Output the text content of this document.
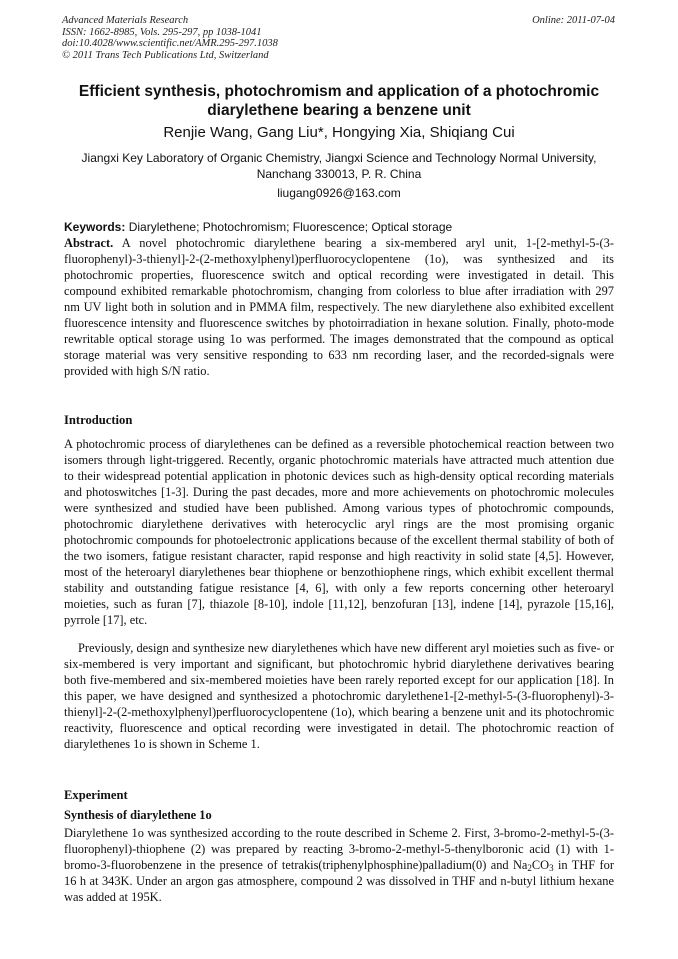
Advanced Materials Research
ISSN: 1662-8985, Vols. 295-297, pp 1038-1041
doi:10.4028/www.scientific.net/AMR.295-297.1038
© 2011 Trans Tech Publications Ltd, Switzerland
Online: 2011-07-04
Efficient synthesis, photochromism and application of a photochromic
diarylethene bearing a benzene unit
Renjie Wang, Gang Liu*, Hongying Xia, Shiqiang Cui
Jiangxi Key Laboratory of Organic Chemistry, Jiangxi Science and Technology Normal University,
Nanchang 330013, P. R. China
liugang0926@163.com
Keywords: Diarylethene; Photochromism; Fluorescence; Optical storage
Abstract. A novel photochromic diarylethene bearing a six-membered aryl unit, 1-[2-methyl-5-(3-fluorophenyl)-3-thienyl]-2-(2-methoxylphenyl)perfluorocyclopentene (1o), was synthesized and its photochromic properties, fluorescence switch and optical recording were investigated in detail. This compound exhibited remarkable photochromism, changing from colorless to blue after irradiation with 297 nm UV light both in solution and in PMMA film, respectively. The new diarylethene also exhibited excellent fluorescence intensity and fluorescence switches by photoirradiation in hexane solution. Finally, photo-mode rewritable optical storage using 1o was performed. The images demonstrated that the compound as optical storage material was very sensitive responding to 633 nm recording laser, and the recorded-signals were provided with high S/N ratio.
Introduction
A photochromic process of diarylethenes can be defined as a reversible photochemical reaction between two isomers through light-triggered. Recently, organic photochromic materials have attracted much attention due to their widespread potential application in photonic devices such as high-density optical recording materials and photoswitches [1-3]. During the past decades, more and more achievements on photochromic molecules were synthesized and studied have been published. Among various types of photochromic compounds, photochromic diarylethene derivatives with heterocyclic aryl rings are the most promising organic photochromic compounds for photoelectronic applications because of the excellent thermal stability of both of the two isomers, fatigue resistant character, rapid response and high reactivity in solid state [4,5]. However, most of the heteroaryl diarylethenes bear thiophene or benzothiophene rings, which exhibit excellent thermal stability and outstanding fatigue resistance [4, 6], with only a few reports concerning other heteroaryl moieties, such as furan [7], thiazole [8-10], indole [11,12], benzofuran [13], indene [14], pyrazole [15,16], pyrrole [17], etc.
Previously, design and synthesize new diarylethenes which have new different aryl moieties such as five- or six-membered is very important and significant, but photochromic hybrid diarylethene derivatives bearing both five-membered and six-membered moieties have been rarely reported except for our application [18]. In this paper, we have designed and synthesized a photochromic darylethene1-[2-methyl-5-(3-fluorophenyl)-3-thienyl]-2-(2-methoxylphenyl)perfluorocyclopentene (1o), which bearing a benzene unit and its photochromic reactivity, fluorescence and optical recording were investigated in detail. The photochromic reaction of diarylethenes 1o is shown in Scheme 1.
Experiment
Synthesis of diarylethene 1o
Diarylethene 1o was synthesized according to the route described in Scheme 2. First, 3-bromo-2-methyl-5-(3-fluorophenyl)-thiophene (2) was prepared by reacting 3-bromo-2-methyl-5-thenylboronic acid (1) with 1-bromo-3-fluorobenzene in the presence of tetrakis(triphenylphosphine)palladium(0) and $Na_2CO_3$ in THF for 16 h at 343K. Under an argon gas atmosphere, compound 2 was dissolved in THF and n-butyl lithium hexane was added at 195K.
